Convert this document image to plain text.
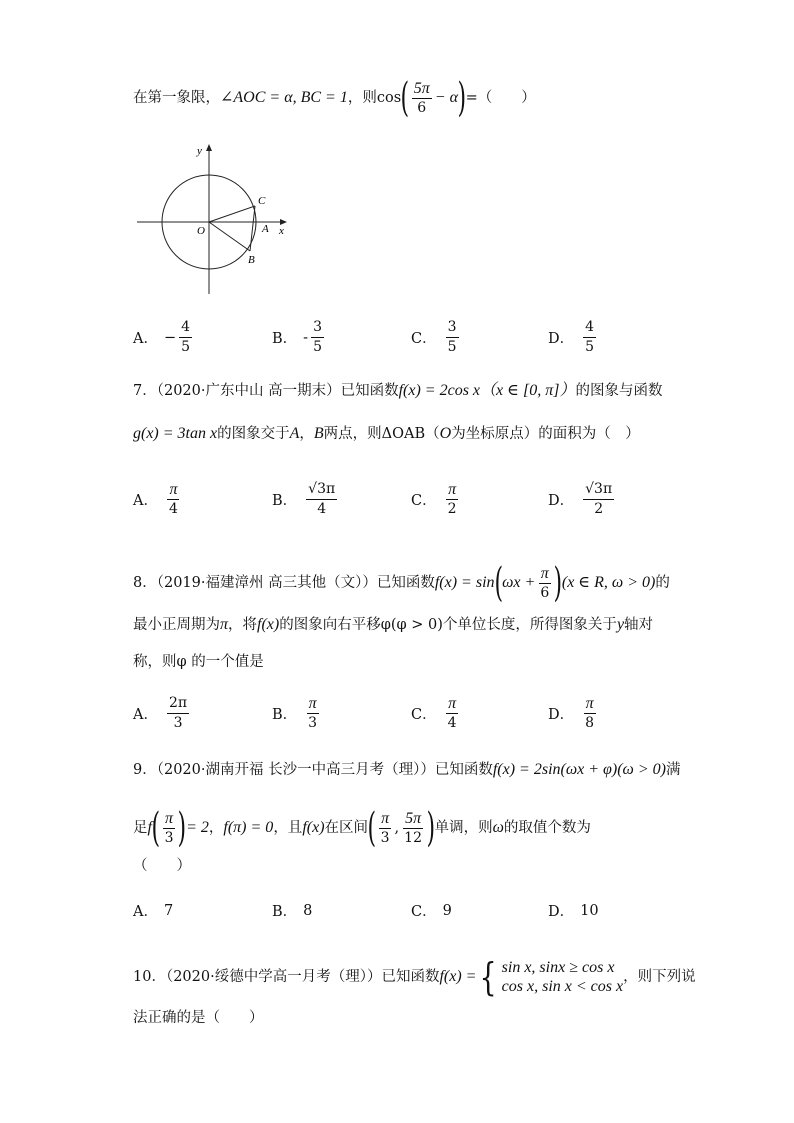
在第一象限，∠AOC = α, BC = 1，则$\cos( \frac{5\pi}{6} - \alpha)=$（　　）
y
x
O	A
B
C
A． − $\frac{4}{5}$	B． - $\frac{3}{5}$	C． $\frac{3}{5}$	D． $\frac{4}{5}$
7．（2020·广东中山 高一期末）已知函数f(x) = 2cos x（x ∈ [0, π]）的图象与函数
g(x) = 3tan x的图象交于A，B两点，则ΔOAB（O为坐标原点）的面积为（　）
A． $\frac{\pi}{4}$	B． $\frac{√3\pi}{4}$	C． $\frac{\pi}{2}$	D． $\frac{√3\pi}{2}$
8．（2019·福建漳州 高三其他（文））已知函数$f(x) = \sin(\omega x + \frac{\pi}{6} )(x$ ∈ R, ω > 0)的
最小正周期为π，将f(x)的图象向右平移φ(φ > 0)个单位长度，所得图象关于y轴对
称，则φ 的一个值是
A． $\frac{2\pi}{3}$	B． $\frac{\pi}{3}$	C． $\frac{\pi}{4}$	D． $\frac{\pi}{8}$
9．（2020·湖南开福 长沙一中高三月考（理））已知函数f(x) = 2sin(ωx + φ)(ω > 0)满
足$f( \frac{\pi}{3}$ )= 2，f(π) = 0，且f(x)在区间( $\frac{\pi}{3}$ , $\frac{5\pi}{12}$ )单调，则ω的取值个数为
（　　）
A． 7	B． 8	C． 9	D． 10
10．（2020·绥德中学高一月考（理））已知函数 f(x) = { sin x, sinx ≥ cos x
cos x, sin x < cos x
，则下列说
法正确的是（　　）
